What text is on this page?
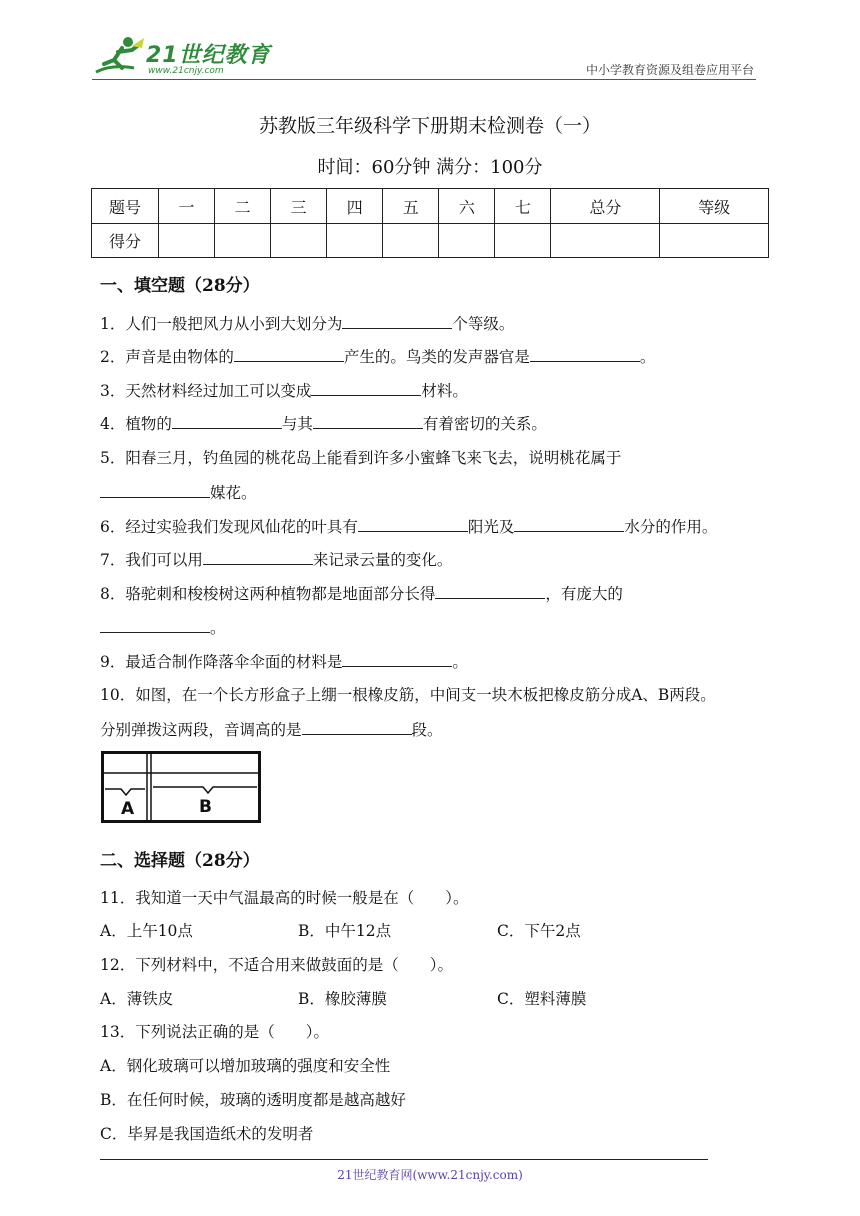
21世纪教育
www.21cnjy.com	中小学教育资源及组卷应用平台
苏教版三年级科学下册期末检测卷（一）
时间：60分钟 满分：100分
题号	一	二	三	四	五	六	七	总分	等级
得分									
一、填空题（28分）
1．人们一般把风力从小到大划分为	个等级。
2．声音是由物体的	产生的。鸟类的发声器官是	。
3．天然材料经过加工可以变成	材料。
4．植物的	与其	有着密切的关系。
5．阳春三月，钓鱼园的桃花岛上能看到许多小蜜蜂飞来飞去，说明桃花属于
媒花。
6．经过实验我们发现风仙花的叶具有	阳光及	水分的作用。
7．我们可以用	来记录云量的变化。
8．骆驼刺和梭梭树这两种植物都是地面部分长得	，有庞大的
。
9．最适合制作降落伞伞面的材料是	。
10．如图，在一个长方形盒子上绷一根橡皮筋，中间支一块木板把橡皮筋分成A、B两段。
分别弹拨这两段，音调高的是	段。
A	B
二、选择题（28分）
11．我知道一天中气温最高的时候一般是在（　　）。
A．上午10点	B．中午12点	C．下午2点
12．下列材料中，不适合用来做鼓面的是（　　）。
A．薄铁皮	B．橡胶薄膜	C．塑料薄膜
13．下列说法正确的是（　　）。
A．钢化玻璃可以增加玻璃的强度和安全性
B．在任何时候，玻璃的透明度都是越高越好
C．毕昇是我国造纸术的发明者
21世纪教育网(www.21cnjy.com)
